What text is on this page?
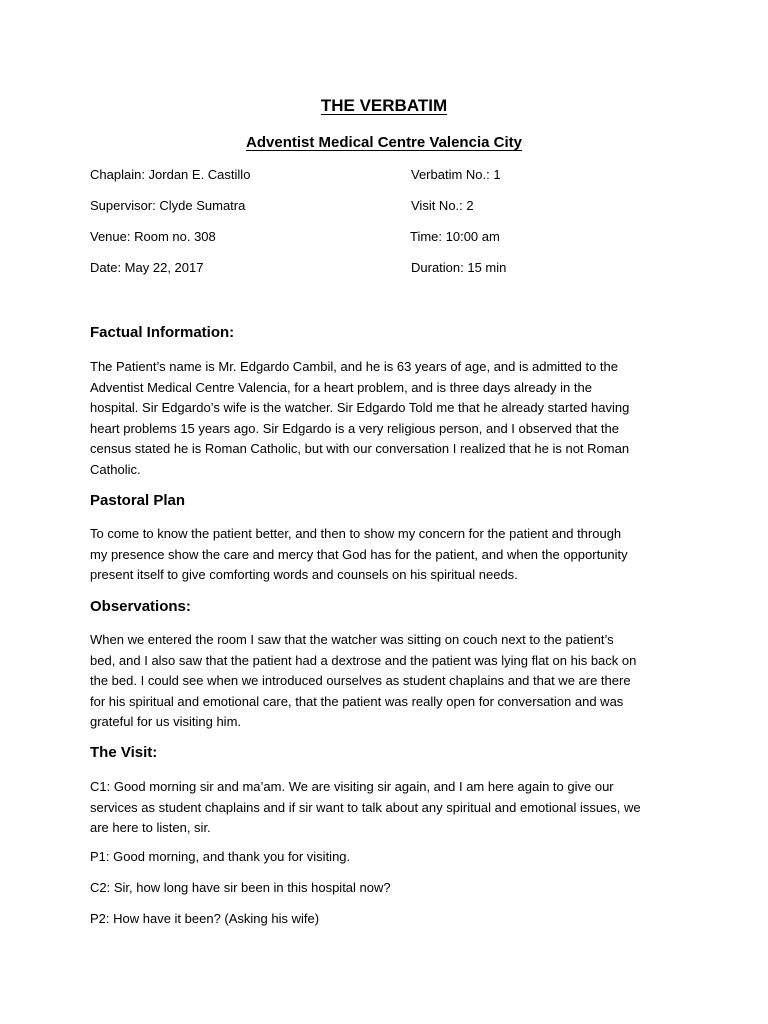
THE VERBATIM
Adventist Medical Centre Valencia City
Chaplain: Jordan E. Castillo
Supervisor: Clyde Sumatra
Venue: Room no. 308
Date: May 22, 2017
Verbatim No.: 1
Visit No.: 2
Time: 10:00 am
Duration: 15 min
Factual Information:
The Patient’s name is Mr. Edgardo Cambil, and he is 63 years of age, and is admitted to the
Adventist Medical Centre Valencia, for a heart problem, and is three days already in the
hospital. Sir Edgardo’s wife is the watcher. Sir Edgardo Told me that he already started having
heart problems 15 years ago. Sir Edgardo is a very religious person, and I observed that the
census stated he is Roman Catholic, but with our conversation I realized that he is not Roman
Catholic.
Pastoral Plan
To come to know the patient better, and then to show my concern for the patient and through
my presence show the care and mercy that God has for the patient, and when the opportunity
present itself to give comforting words and counsels on his spiritual needs.
Observations:
When we entered the room I saw that the watcher was sitting on couch next to the patient’s
bed, and I also saw that the patient had a dextrose and the patient was lying flat on his back on
the bed. I could see when we introduced ourselves as student chaplains and that we are there
for his spiritual and emotional care, that the patient was really open for conversation and was
grateful for us visiting him.
The Visit:
C1: Good morning sir and ma’am. We are visiting sir again, and I am here again to give our
services as student chaplains and if sir want to talk about any spiritual and emotional issues, we
are here to listen, sir.
P1: Good morning, and thank you for visiting.
C2: Sir, how long have sir been in this hospital now?
P2: How have it been? (Asking his wife)
